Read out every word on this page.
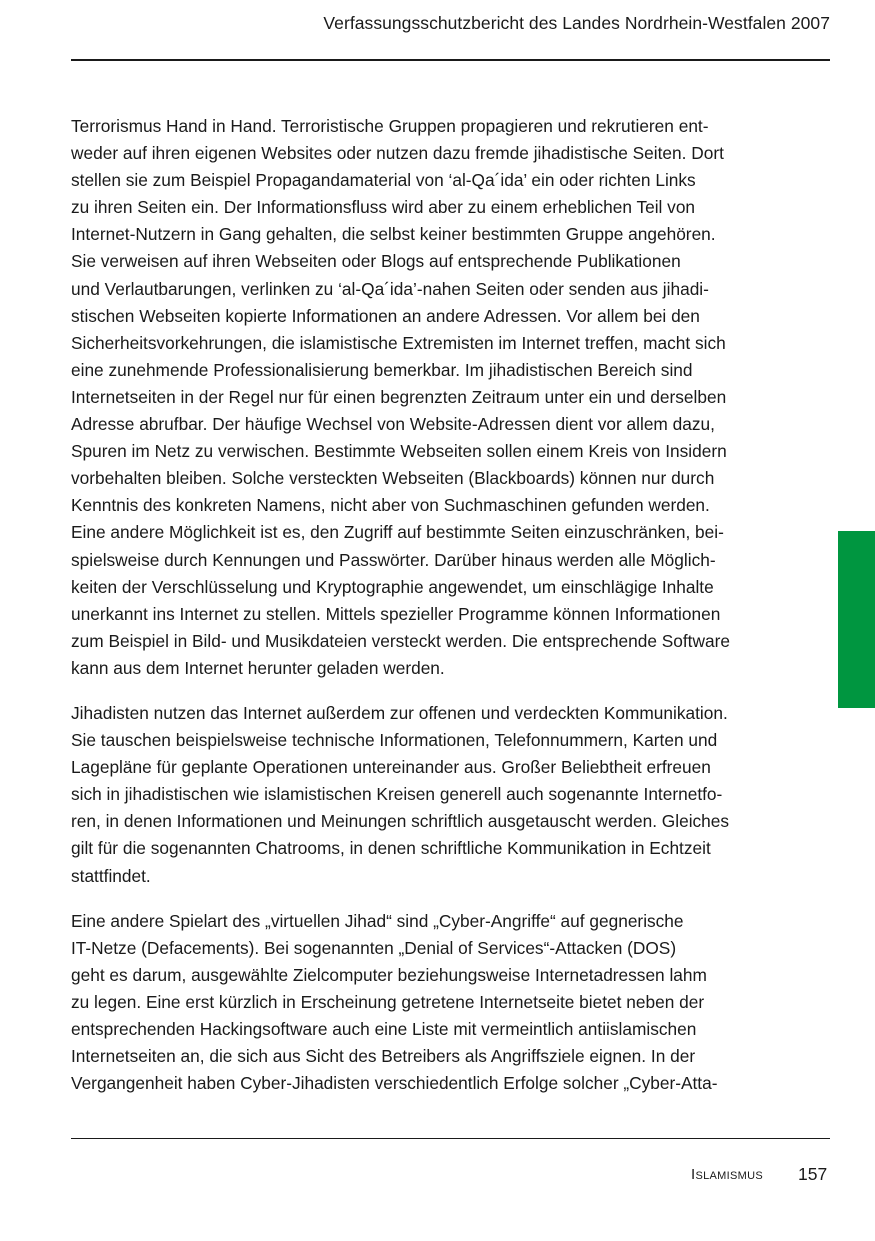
Verfassungsschutzbericht des Landes Nordrhein-Westfalen 2007
Terrorismus Hand in Hand. Terroristische Gruppen propagieren und rekrutieren ent-
weder auf ihren eigenen Websites oder nutzen dazu fremde jihadistische Seiten. Dort
stellen sie zum Beispiel Propagandamaterial von ‘al-Qa´ida’ ein oder richten Links
zu ihren Seiten ein. Der Informationsfluss wird aber zu einem erheblichen Teil von
Internet-Nutzern in Gang gehalten, die selbst keiner bestimmten Gruppe angehören.
Sie verweisen auf ihren Webseiten oder Blogs auf entsprechende Publikationen
und Verlautbarungen, verlinken zu ‘al-Qa´ida’-nahen Seiten oder senden aus jihadi-
stischen Webseiten kopierte Informationen an andere Adressen. Vor allem bei den
Sicherheitsvorkehrungen, die islamistische Extremisten im Internet treffen, macht sich
eine zunehmende Professionalisierung bemerkbar. Im jihadistischen Bereich sind
Internetseiten in der Regel nur für einen begrenzten Zeitraum unter ein und derselben
Adresse abrufbar. Der häufige Wechsel von Website-Adressen dient vor allem dazu,
Spuren im Netz zu verwischen. Bestimmte Webseiten sollen einem Kreis von Insidern
vorbehalten bleiben. Solche versteckten Webseiten (Blackboards) können nur durch
Kenntnis des konkreten Namens, nicht aber von Suchmaschinen gefunden werden.
Eine andere Möglichkeit ist es, den Zugriff auf bestimmte Seiten einzuschränken, bei-
spielsweise durch Kennungen und Passwörter. Darüber hinaus werden alle Möglich-
keiten der Verschlüsselung und Kryptographie angewendet, um einschlägige Inhalte
unerkannt ins Internet zu stellen. Mittels spezieller Programme können Informationen
zum Beispiel in Bild- und Musikdateien versteckt werden. Die entsprechende Software
kann aus dem Internet herunter geladen werden.
Jihadisten nutzen das Internet außerdem zur offenen und verdeckten Kommunikation.
Sie tauschen beispielsweise technische Informationen, Telefonnummern, Karten und
Lagepläne für geplante Operationen untereinander aus. Großer Beliebtheit erfreuen
sich in jihadistischen wie islamistischen Kreisen generell auch sogenannte Internetfo-
ren, in denen Informationen und Meinungen schriftlich ausgetauscht werden. Gleiches
gilt für die sogenannten Chatrooms, in denen schriftliche Kommunikation in Echtzeit
stattfindet.
Eine andere Spielart des „virtuellen Jihad“ sind „Cyber-Angriffe“ auf gegnerische
IT-Netze (Defacements). Bei sogenannten „Denial of Services“-Attacken (DOS)
geht es darum, ausgewählte Zielcomputer beziehungsweise Internetadressen lahm
zu legen. Eine erst kürzlich in Erscheinung getretene Internetseite bietet neben der
entsprechenden Hackingsoftware auch eine Liste mit vermeintlich antiislamischen
Internetseiten an, die sich aus Sicht des Betreibers als Angriffsziele eignen. In der
Vergangenheit haben Cyber-Jihadisten verschiedentlich Erfolge solcher „Cyber-Atta-
Islamismus 157
